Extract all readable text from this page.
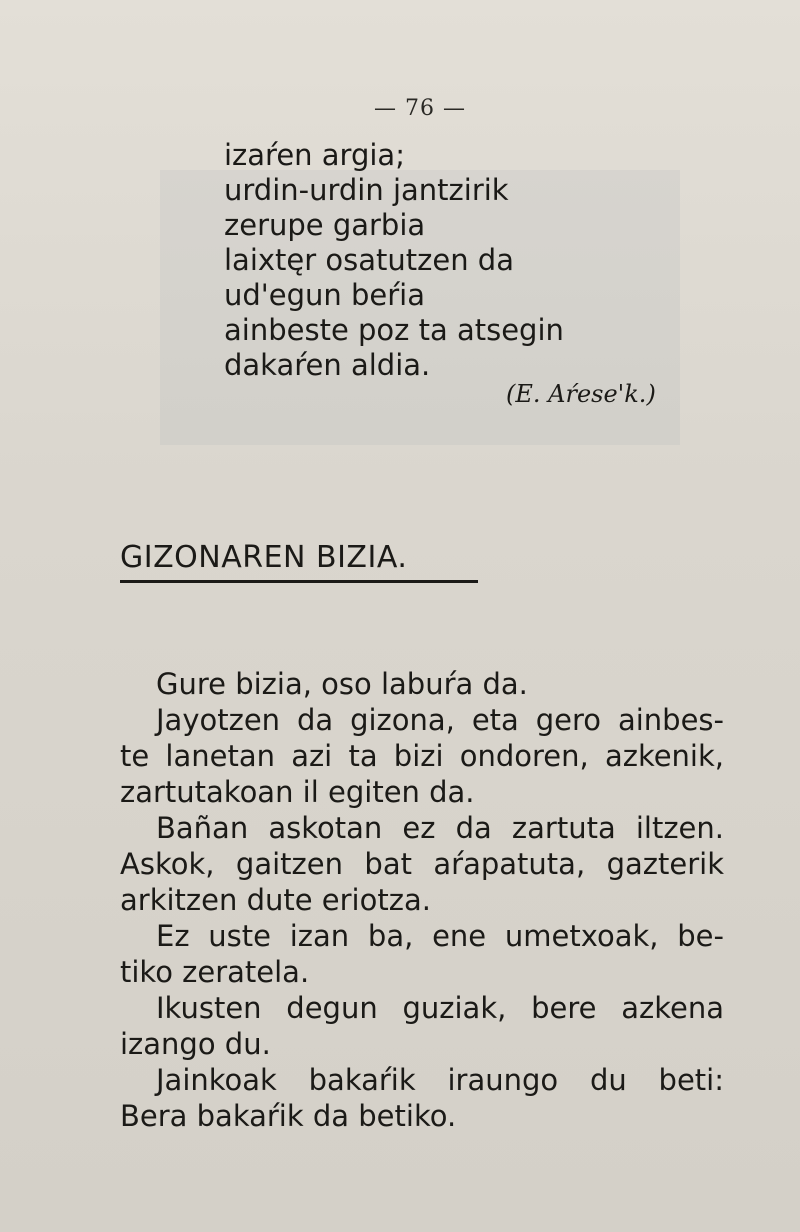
— 76 —
izaŕen argia;
urdin-urdin jantzirik
zerupe garbia
laixtęr osatutzen da
ud'egun beŕia
ainbeste poz ta atsegin
dakaŕen aldia.
(E. Aŕese'k.)
GIZONAREN BIZIA.
Gure bizia, oso labuŕa da.
Jayotzen da gizona, eta gero ainbes-
te lanetan azi ta bizi ondoren, azkenik,
zartutakoan il egiten da.
Bañan askotan ez da zartuta iltzen.
Askok, gaitzen bat aŕapatuta, gazterik
arkitzen dute eriotza.
Ez uste izan ba, ene umetxoak, be-
tiko zeratela.
Ikusten degun guziak, bere azkena
izango du.
Jainkoak bakaŕik iraungo du beti:
Bera bakaŕik da betiko.
